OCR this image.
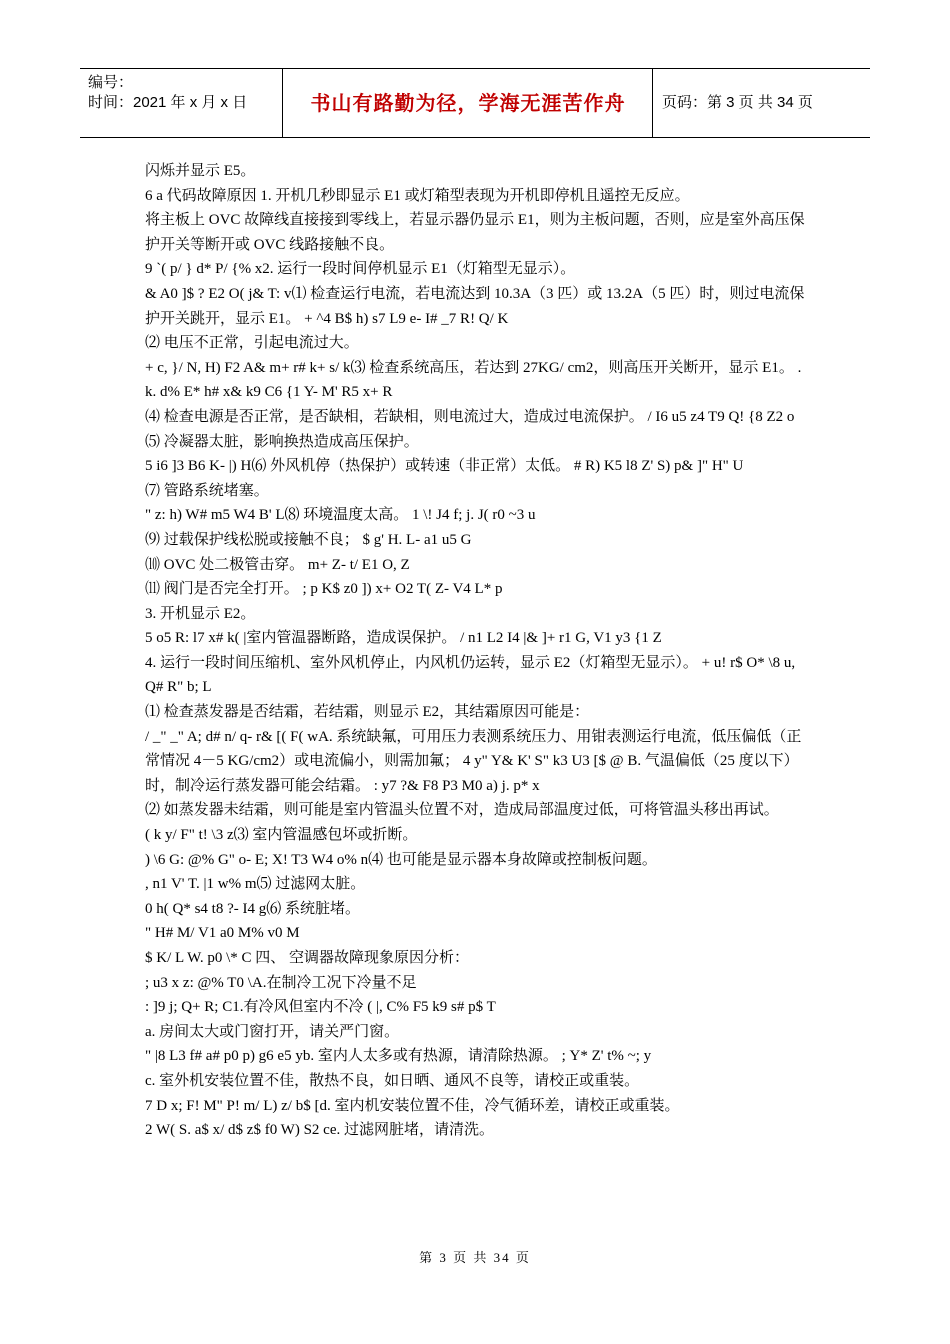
编号：
时间：2021 年 x 月 x 日	书山有路勤为径，学海无涯苦作舟	页码：第 3 页 共 34 页

闪烁并显示 E5。

6 a 代码故障原因 1. 开机几秒即显示 E1 或灯箱型表现为开机即停机且遥控无反应。

将主板上 OVC 故障线直接接到零线上，若显示器仍显示 E1，则为主板问题，否则，应是室外高压保护开关等断开或 OVC 线路接触不良。

9 `( p/ } d* P/ {% x2. 运行一段时间停机显示 E1（灯箱型无显示）。

& A0 ]$ ? E2 O( j& T: v⑴ 检查运行电流，若电流达到 10.3A（3 匹）或 13.2A（5 匹）时，则过电流保护开关跳开，显示 E1。 + ^4 B$ h) s7 L9 e- I# _7 R! Q/ K

⑵ 电压不正常，引起电流过大。

+ c, }/ N, H) F2 A& m+ r# k+ s/ k⑶ 检查系统高压，若达到 27KG/ cm2，则高压开关断开，显示 E1。 . k. d% E* h# x& k9 C6 {1 Y- M' R5 x+ R

⑷ 检查电源是否正常，是否缺相，若缺相，则电流过大，造成过电流保护。 / I6 u5 z4 T9 Q! {8 Z2 o

⑸ 冷凝器太脏，影响换热造成高压保护。

5 i6 ]3 B6 K- |) H⑹ 外风机停（热保护）或转速（非正常）太低。 # R) K5 l8 Z' S) p& ]" H" U

⑺ 管路系统堵塞。

" z: h) W# m5 W4 B' L⑻ 环境温度太高。 1 \! J4 f; j. J( r0 ~3 u

⑼ 过载保护线松脱或接触不良； $ g' H. L- a1 u5 G

⑽ OVC 处二极管击穿。 m+ Z- t/ E1 O, Z

⑾ 阀门是否完全打开。 ; p K$ z0 ]) x+ O2 T( Z- V4 L* p

3. 开机显示 E2。

5 o5 R: l7 x# k( |室内管温器断路，造成误保护。 / n1 L2 I4 |& ]+ r1 G, V1 y3 {1 Z

4. 运行一段时间压缩机、室外风机停止，内风机仍运转，显示 E2（灯箱型无显示）。 + u! r$ O* \8 u, Q# R" b; L

⑴ 检查蒸发器是否结霜，若结霜，则显示 E2，其结霜原因可能是：

/ _" _" A; d# n/ q- r& [( F( wA. 系统缺氟，可用压力表测系统压力、用钳表测运行电流，低压偏低（正常情况 4－5 KG/cm2）或电流偏小，则需加氟； 4 y" Y& K' S" k3 U3 [$ @ B. 气温偏低（25 度以下）时，制冷运行蒸发器可能会结霜。 : y7 ?& F8 P3 M0 a) j. p* x

⑵ 如蒸发器未结霜，则可能是室内管温头位置不对，造成局部温度过低，可将管温头移出再试。

( k y/ F" t! \3 z⑶ 室内管温感包坏或折断。

) \6 G: @% G" o- E; X! T3 W4 o% n⑷ 也可能是显示器本身故障或控制板问题。

, n1 V' T. |1 w% m⑸ 过滤网太脏。

0 h( Q* s4 t8 ?- I4 g⑹ 系统脏堵。

" H# M/ V1 a0 M% v0 M

$ K/ L W. p0 \* C 四、 空调器故障现象原因分析：

; u3 x z: @% T0 \A.在制冷工况下冷量不足

: ]9 j; Q+ R; C1.有冷风但室内不冷 ( |, C% F5 k9 s# p$ T

a. 房间太大或门窗打开，请关严门窗。

" |8 L3 f# a# p0 p) g6 e5 yb. 室内人太多或有热源，请清除热源。 ; Y* Z' t% ~; y

c. 室外机安装位置不佳，散热不良，如日晒、通风不良等，请校正或重装。

7 D x; F! M" P! m/ L) z/ b$ [d. 室内机安装位置不佳，冷气循环差，请校正或重装。

2 W( S. a$ x/ d$ z$ f0 W) S2 ce. 过滤网脏堵，请清洗。

第 3 页 共 34 页
